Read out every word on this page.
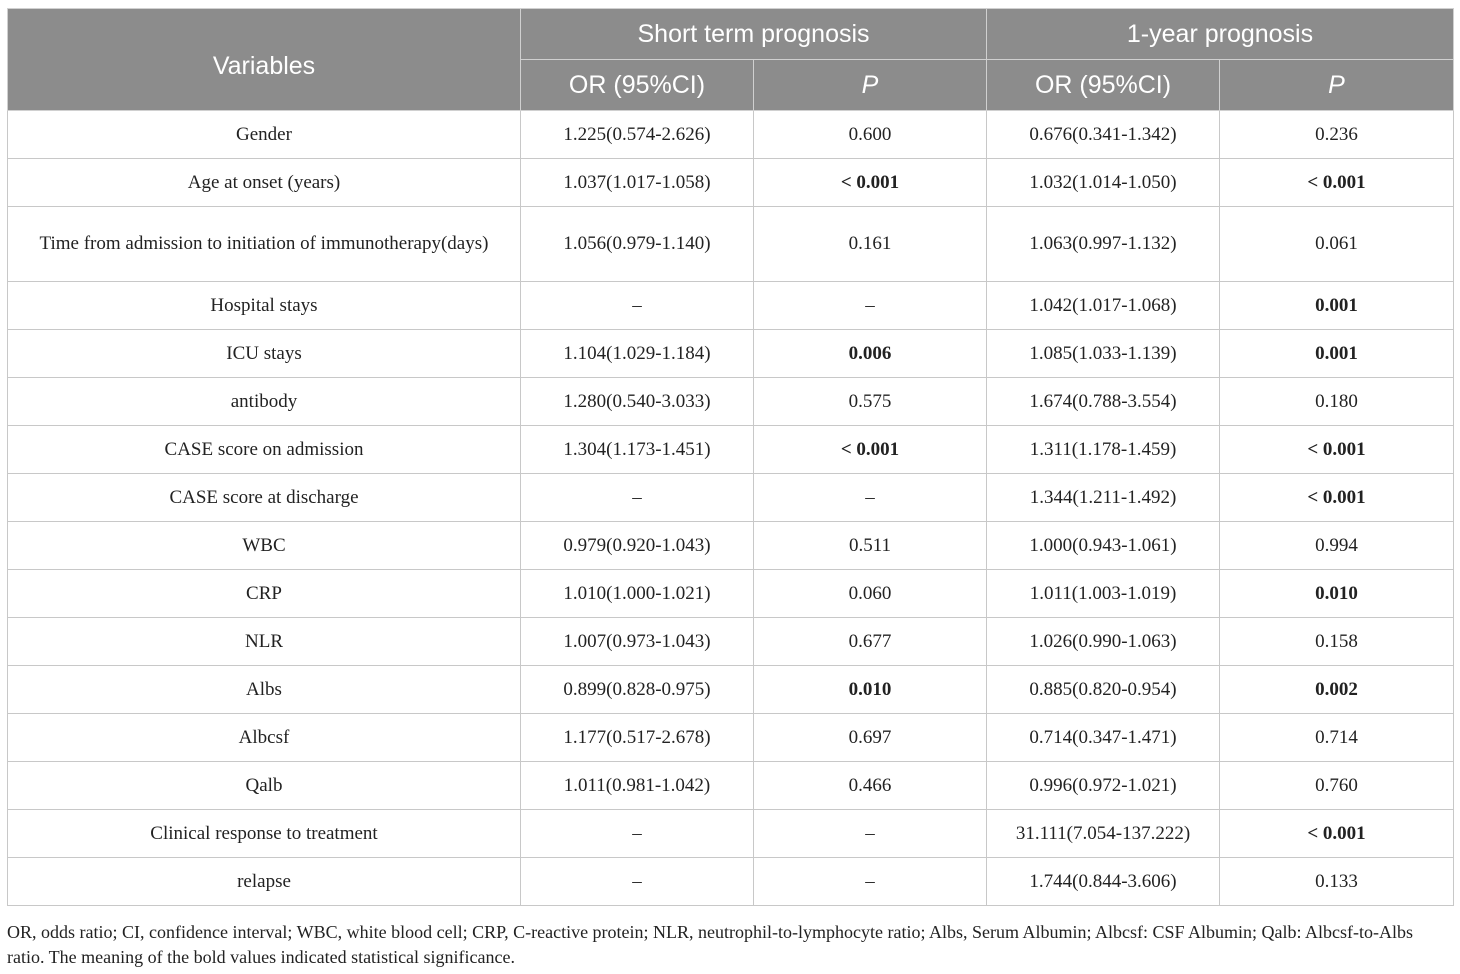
Variables	Short term prognosis		1-year prognosis	
	OR (95%CI)	P	OR (95%CI)	P
Gender	1.225(0.574-2.626)	0.600	0.676(0.341-1.342)	0.236
Age at onset (years)	1.037(1.017-1.058)	< 0.001	1.032(1.014-1.050)	< 0.001
Time from admission to initiation of immunotherapy(days)	1.056(0.979-1.140)	0.161	1.063(0.997-1.132)	0.061
Hospital stays	–	–	1.042(1.017-1.068)	0.001
ICU stays	1.104(1.029-1.184)	0.006	1.085(1.033-1.139)	0.001
antibody	1.280(0.540-3.033)	0.575	1.674(0.788-3.554)	0.180
CASE score on admission	1.304(1.173-1.451)	< 0.001	1.311(1.178-1.459)	< 0.001
CASE score at discharge	–	–	1.344(1.211-1.492)	< 0.001
WBC	0.979(0.920-1.043)	0.511	1.000(0.943-1.061)	0.994
CRP	1.010(1.000-1.021)	0.060	1.011(1.003-1.019)	0.010
NLR	1.007(0.973-1.043)	0.677	1.026(0.990-1.063)	0.158
Albs	0.899(0.828-0.975)	0.010	0.885(0.820-0.954)	0.002
Albcsf	1.177(0.517-2.678)	0.697	0.714(0.347-1.471)	0.714
Qalb	1.011(0.981-1.042)	0.466	0.996(0.972-1.021)	0.760
Clinical response to treatment	–	–	31.111(7.054-137.222)	< 0.001
relapse	–	–	1.744(0.844-3.606)	0.133
OR, odds ratio; CI, confidence interval; WBC, white blood cell; CRP, C-reactive protein; NLR, neutrophil-to-lymphocyte ratio; Albs, Serum Albumin; Albcsf: CSF Albumin; Qalb: Albcsf-to-Albs ratio. The meaning of the bold values indicated statistical significance.
